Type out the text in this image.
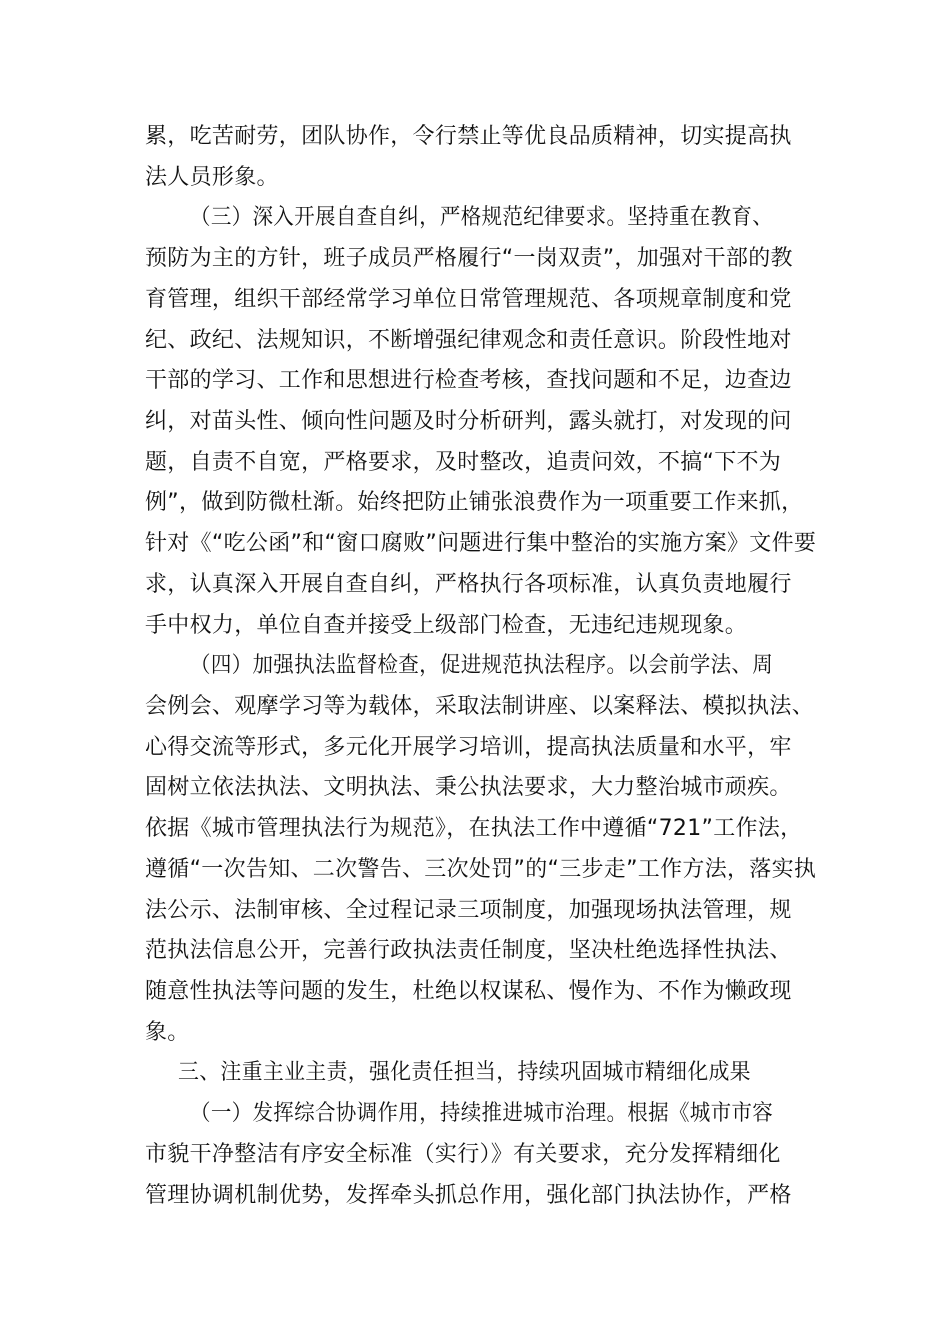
累，吃苦耐劳，团队协作，令行禁止等优良品质精神，切实提高执
法人员形象。
（三）深入开展自查自纠，严格规范纪律要求。坚持重在教育、
预防为主的方针，班子成员严格履行“一岗双责”，加强对干部的教
育管理，组织干部经常学习单位日常管理规范、各项规章制度和党
纪、政纪、法规知识，不断增强纪律观念和责任意识。阶段性地对
干部的学习、工作和思想进行检查考核，查找问题和不足，边查边
纠，对苗头性、倾向性问题及时分析研判，露头就打，对发现的问
题，自责不自宽，严格要求，及时整改，追责问效，不搞“下不为
例”，做到防微杜渐。始终把防止铺张浪费作为一项重要工作来抓，
针对《“吃公函”和“窗口腐败”问题进行集中整治的实施方案》文件要
求，认真深入开展自查自纠，严格执行各项标准，认真负责地履行
手中权力，单位自查并接受上级部门检查，无违纪违规现象。
（四）加强执法监督检查，促进规范执法程序。以会前学法、周
会例会、观摩学习等为载体，采取法制讲座、以案释法、模拟执法、
心得交流等形式，多元化开展学习培训，提高执法质量和水平，牢
固树立依法执法、文明执法、秉公执法要求，大力整治城市顽疾。
依据《城市管理执法行为规范》，在执法工作中遵循“721”工作法，
遵循“一次告知、二次警告、三次处罚”的“三步走”工作方法，落实执
法公示、法制审核、全过程记录三项制度，加强现场执法管理，规
范执法信息公开，完善行政执法责任制度，坚决杜绝选择性执法、
随意性执法等问题的发生，杜绝以权谋私、慢作为、不作为懒政现
象。
三、注重主业主责，强化责任担当，持续巩固城市精细化成果
（一）发挥综合协调作用，持续推进城市治理。根据《城市市容
市貌干净整洁有序安全标准（实行）》有关要求，充分发挥精细化
管理协调机制优势，发挥牵头抓总作用，强化部门执法协作，严格
